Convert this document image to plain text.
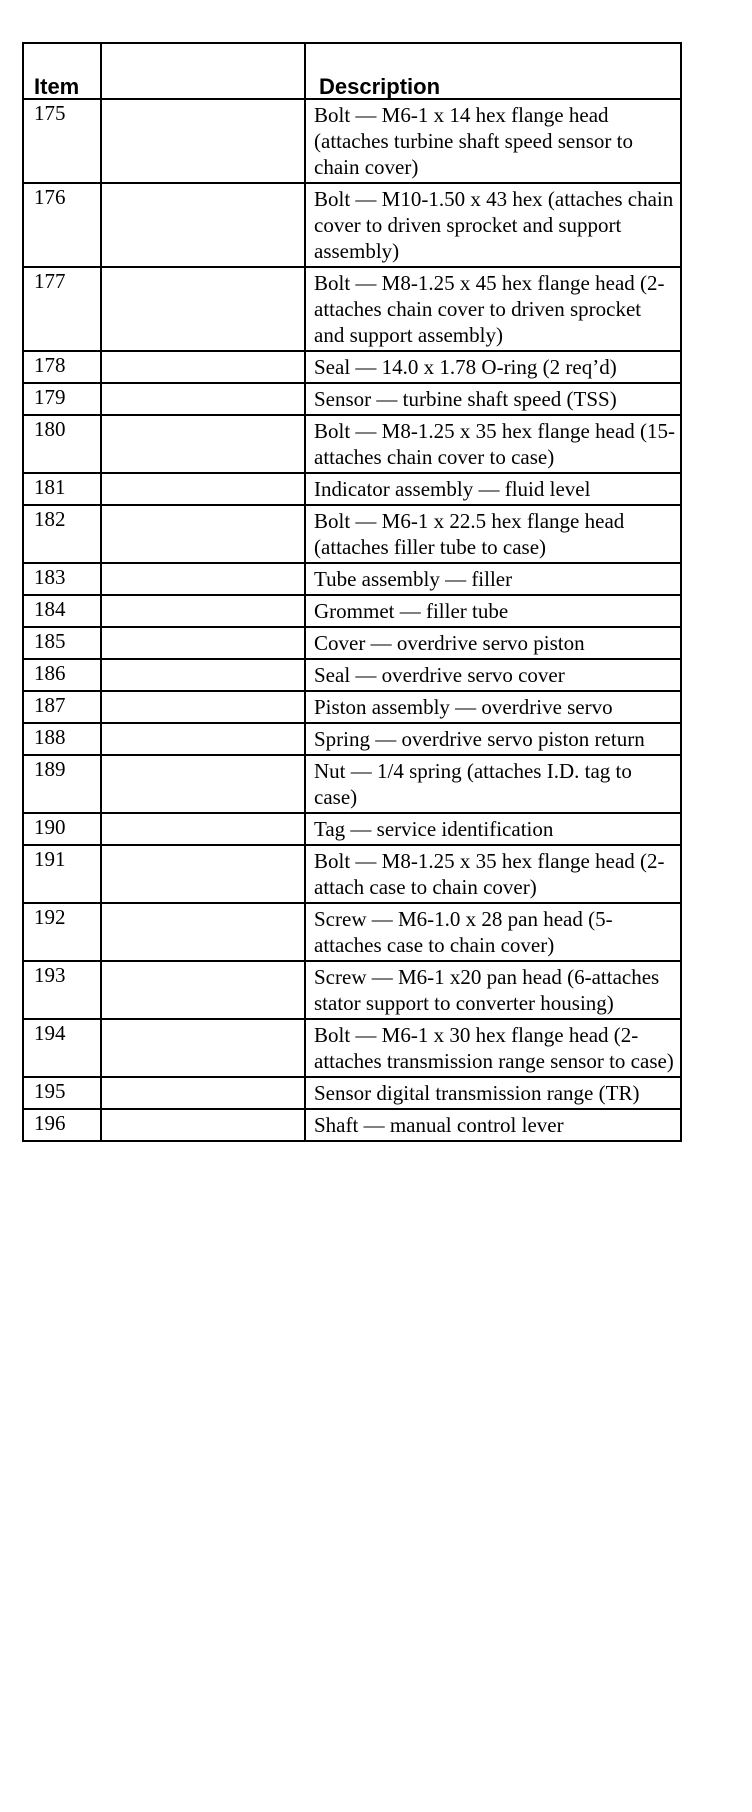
Item		Description

175		Bolt — M6-1 x 14 hex flange head (attaches turbine shaft speed sensor to chain cover)

176		Bolt — M10-1.50 x 43 hex (attaches chain cover to driven sprocket and support assembly)

177		Bolt — M8-1.25 x 45 hex flange head (2- attaches chain cover to driven sprocket and support assembly)

178		Seal — 14.0 x 1.78 O-ring (2 req’d)

179		Sensor — turbine shaft speed (TSS)

180		Bolt — M8-1.25 x 35 hex flange head (15-attaches chain cover to case)

181		Indicator assembly — fluid level

182		Bolt — M6-1 x 22.5 hex flange head (attaches filler tube to case)

183		Tube assembly — filler

184		Grommet — filler tube

185		Cover — overdrive servo piston

186		Seal — overdrive servo cover

187		Piston assembly — overdrive servo

188		Spring — overdrive servo piston return

189		Nut — 1/4 spring (attaches I.D. tag to case)

190		Tag — service identification

191		Bolt — M8-1.25 x 35 hex flange head (2-attach case to chain cover)

192		Screw — M6-1.0 x 28 pan head (5-attaches case to chain cover)

193		Screw — M6-1 x20 pan head (6-attaches stator support to converter housing)

194		Bolt — M6-1 x 30 hex flange head (2-attaches transmission range sensor to case)

195		Sensor digital transmission range (TR)

196		Shaft — manual control lever
